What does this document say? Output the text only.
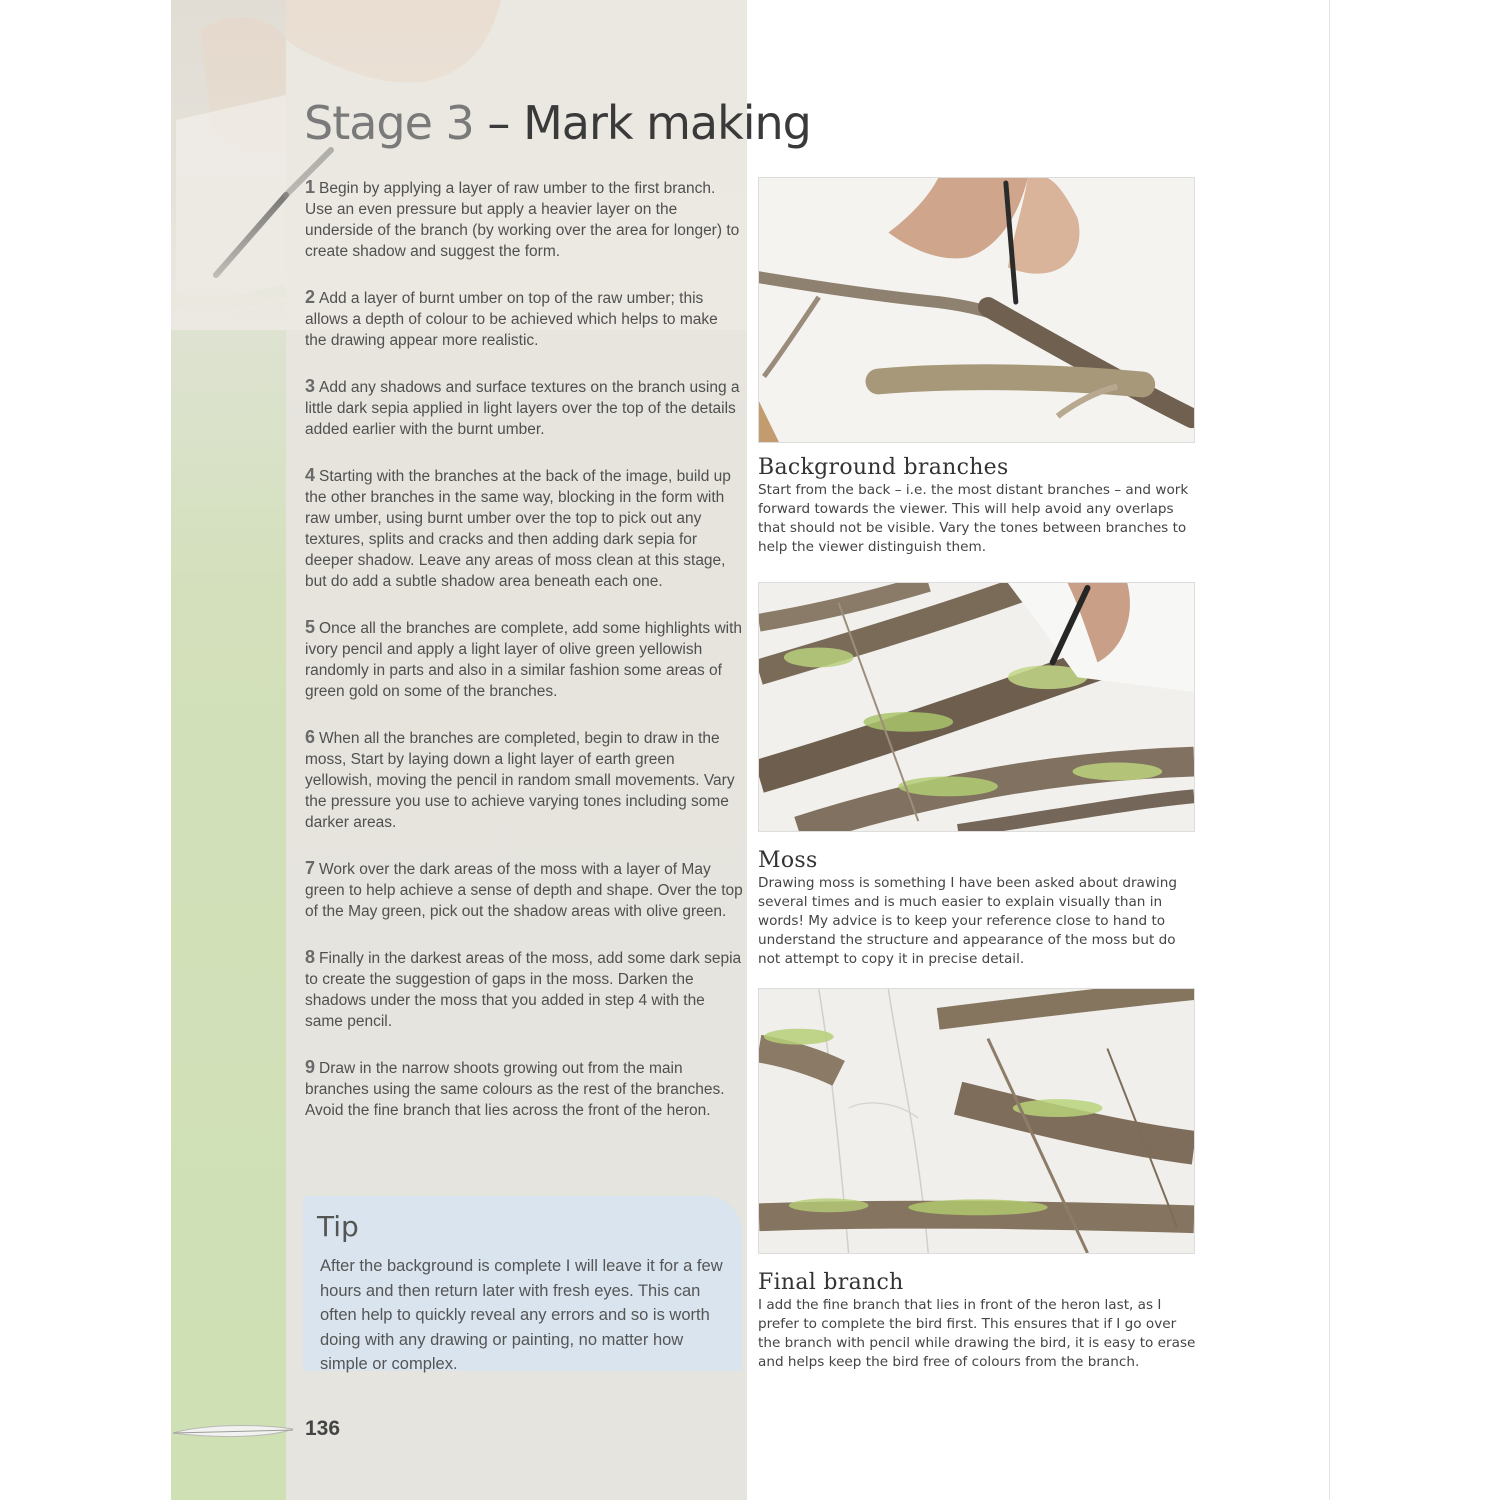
Stage 3 – Mark making
1 Begin by applying a layer of raw umber to the first branch. Use an even pressure but apply a heavier layer on the underside of the branch (by working over the area for longer) to create shadow and suggest the form.
2 Add a layer of burnt umber on top of the raw umber; this allows a depth of colour to be achieved which helps to make the drawing appear more realistic.
3 Add any shadows and surface textures on the branch using a little dark sepia applied in light layers over the top of the details added earlier with the burnt umber.
4 Starting with the branches at the back of the image, build up the other branches in the same way, blocking in the form with raw umber, using burnt umber over the top to pick out any textures, splits and cracks and then adding dark sepia for deeper shadow. Leave any areas of moss clean at this stage, but do add a subtle shadow area beneath each one.
5 Once all the branches are complete, add some highlights with ivory pencil and apply a light layer of olive green yellowish randomly in parts and also in a similar fashion some areas of green gold on some of the branches.
6 When all the branches are completed, begin to draw in the moss, Start by laying down a light layer of earth green yellowish, moving the pencil in random small movements. Vary the pressure you use to achieve varying tones including some darker areas.
7 Work over the dark areas of the moss with a layer of May green to help achieve a sense of depth and shape. Over the top of the May green, pick out the shadow areas with olive green.
8 Finally in the darkest areas of the moss, add some dark sepia to create the suggestion of gaps in the moss. Darken the shadows under the moss that you added in step 4 with the same pencil.
9 Draw in the narrow shoots growing out from the main branches using the same colours as the rest of the branches. Avoid the fine branch that lies across the front of the heron.
Tip

After the background is complete I will leave it for a few hours and then return later with fresh eyes. This can often help to quickly reveal any errors and so is worth doing with any drawing or painting, no matter how simple or complex.

136
Background branches

Start from the back – i.e. the most distant branches – and work forward towards the viewer. This will help avoid any overlaps that should not be visible. Vary the tones between branches to help the viewer distinguish them.

Moss

Drawing moss is something I have been asked about drawing several times and is much easier to explain visually than in words! My advice is to keep your reference close to hand to understand the structure and appearance of the moss but do not attempt to copy it in precise detail.

Final branch

I add the fine branch that lies in front of the heron last, as I prefer to complete the bird first. This ensures that if I go over the branch with pencil while drawing the bird, it is easy to erase and helps keep the bird free of colours from the branch.
